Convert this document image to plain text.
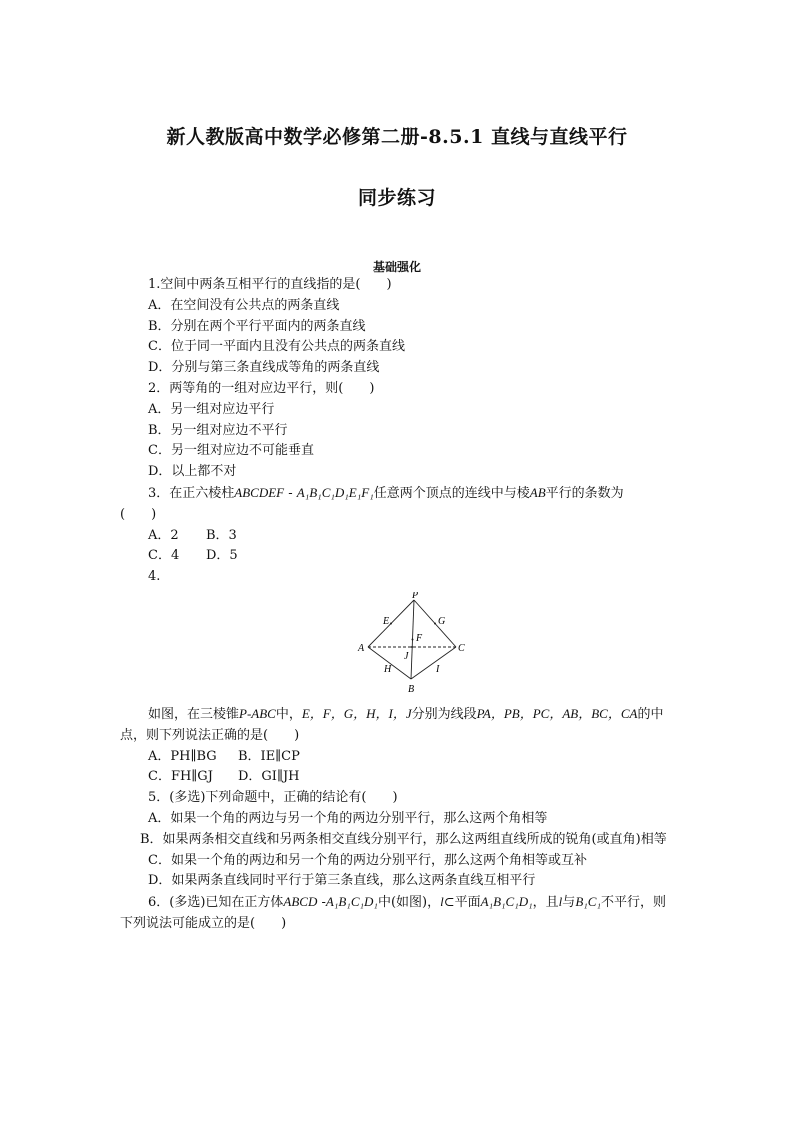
新人教版高中数学必修第二册-8.5.1 直线与直线平行
同步练习
基础强化

1.空间中两条互相平行的直线指的是(　　)

A．在空间没有公共点的两条直线

B．分别在两个平行平面内的两条直线

C．位于同一平面内且没有公共点的两条直线

D．分别与第三条直线成等角的两条直线

2．两等角的一组对应边平行，则(　　)

A．另一组对应边平行

B．另一组对应边不平行

C．另一组对应边不可能垂直

D．以上都不对

3．在正六棱柱ABCDEF - A₁B₁C₁D₁E₁F₁任意两个顶点的连线中与棱AB平行的条数为

(　　)

A．2 B．3

C．4 D．5

4.

P
E	G
F
A	C
J
H	I
B

如图，在三棱锥P-ABC中，E，F，G，H，I，J分别为线段PA，PB，PC，AB，BC，CA的中点，则下列说法正确的是(　　)

A．PH∥BG B．IE∥CP

C．FH∥GJ D．GI∥JH

5．(多选)下列命题中，正确的结论有(　　)

A．如果一个角的两边与另一个角的两边分别平行，那么这两个角相等

B．如果两条相交直线和另两条相交直线分别平行，那么这两组直线所成的锐角(或直角)相等

C．如果一个角的两边和另一个角的两边分别平行，那么这两个角相等或互补

D．如果两条直线同时平行于第三条直线，那么这两条直线互相平行

6．(多选)已知在正方体ABCD -A₁B₁C₁D₁中(如图)，l⊂平面A₁B₁C₁D₁，且l与B₁C₁不平行，则下列说法可能成立的是(　　)
